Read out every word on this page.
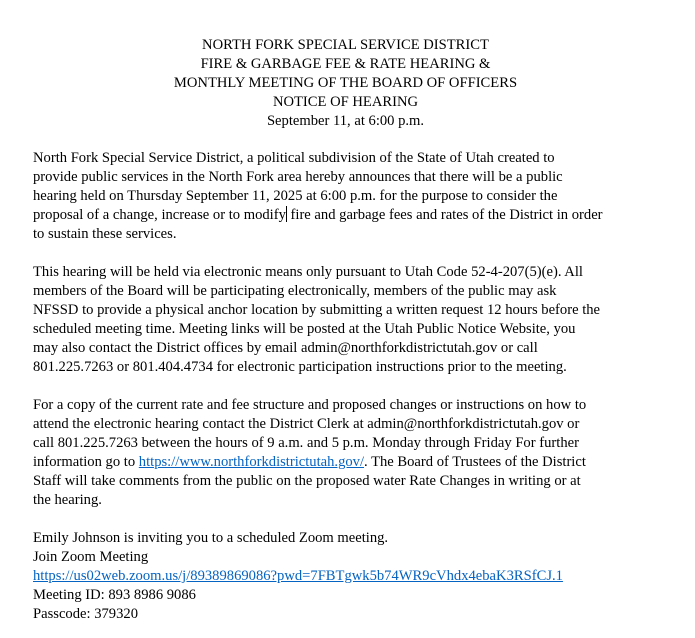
NORTH FORK SPECIAL SERVICE DISTRICT
FIRE & GARBAGE FEE & RATE HEARING &
MONTHLY MEETING OF THE BOARD OF OFFICERS
NOTICE OF HEARING
September 11, at 6:00 p.m.
North Fork Special Service District, a political subdivision of the State of Utah created to
provide public services in the North Fork area hereby announces that there will be a public
hearing held on Thursday September 11, 2025 at 6:00 p.m. for the purpose to consider the
proposal of a change, increase or to modify fire and garbage fees and rates of the District in order
to sustain these services.
This hearing will be held via electronic means only pursuant to Utah Code 52-4-207(5)(e). All
members of the Board will be participating electronically, members of the public may ask
NFSSD to provide a physical anchor location by submitting a written request 12 hours before the
scheduled meeting time. Meeting links will be posted at the Utah Public Notice Website, you
may also contact the District offices by email admin@northforkdistrictutah.gov or call
801.225.7263 or 801.404.4734 for electronic participation instructions prior to the meeting.
For a copy of the current rate and fee structure and proposed changes or instructions on how to
attend the electronic hearing contact the District Clerk at admin@northforkdistrictutah.gov or
call 801.225.7263 between the hours of 9 a.m. and 5 p.m. Monday through Friday For further
information go to https://www.northforkdistrictutah.gov/. The Board of Trustees of the District
Staff will take comments from the public on the proposed water Rate Changes in writing or at
the hearing.
Emily Johnson is inviting you to a scheduled Zoom meeting.
Join Zoom Meeting
https://us02web.zoom.us/j/89389869086?pwd=7FBTgwk5b74WR9cVhdx4ebaK3RSfCJ.1
Meeting ID: 893 8986 9086
Passcode: 379320
